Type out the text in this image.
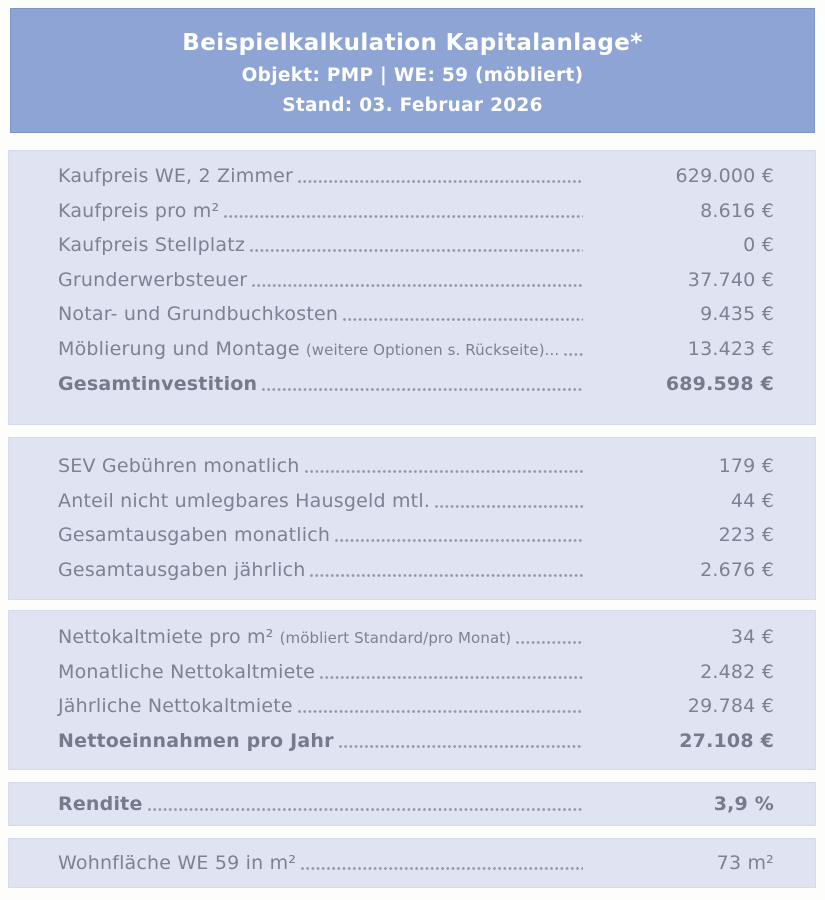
Beispielkalkulation Kapitalanlage*
Objekt: PMP | WE: 59 (möbliert)
Stand: 03. Februar 2026
Kaufpreis WE, 2 Zimmer	629.000 €
Kaufpreis pro m²	8.616 €
Kaufpreis Stellplatz	0 €
Grunderwerbsteuer	37.740 €
Notar- und Grundbuchkosten	9.435 €
Möblierung und Montage (weitere Optionen s. Rückseite)...	13.423 €
Gesamtinvestition	689.598 €
SEV Gebühren monatlich	179 €
Anteil nicht umlegbares Hausgeld mtl.	44 €
Gesamtausgaben monatlich	223 €
Gesamtausgaben jährlich	2.676 €
Nettokaltmiete pro m² (möbliert Standard/pro Monat)	34 €
Monatliche Nettokaltmiete	2.482 €
Jährliche Nettokaltmiete	29.784 €
Nettoeinnahmen pro Jahr	27.108 €
Rendite	3,9 %
Wohnfläche WE 59 in m²	73 m²
